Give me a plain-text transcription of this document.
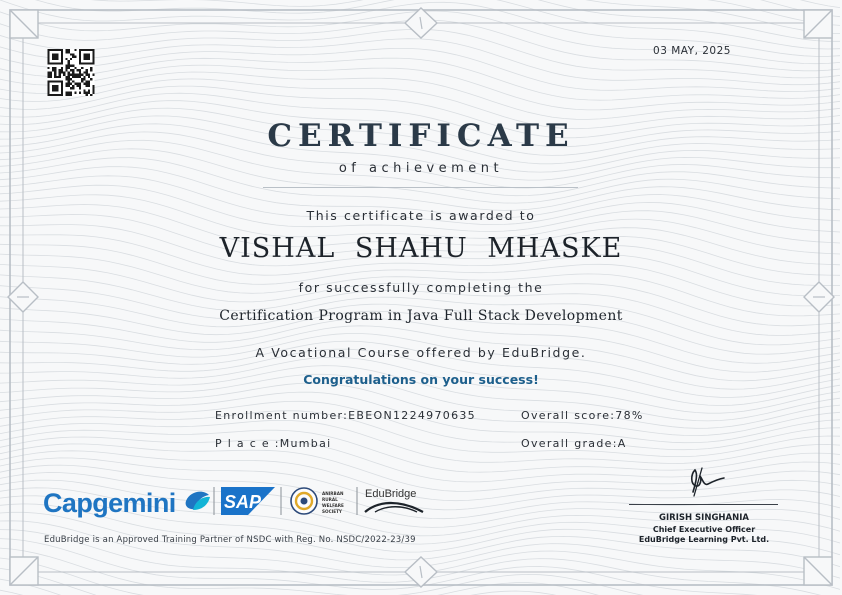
03 MAY, 2025
CERTIFICATE
of achievement
This certificate is awarded to
VISHAL SHAHU MHASKE
for successfully completing the
Certification Program in Java Full Stack Development
A Vocational Course offered by EduBridge.
Congratulations on your success!
Enrollment number:EBEON1224970635
P l a c e :Mumbai
Overall score:78%
Overall grade:A
Capgemini	SAP	ANIRBAN
RURAL
WELFARE
SOCIETY
EduBridge
EduBridge is an Approved Training Partner of NSDC with Reg. No. NSDC/2022-23/39
GIRISH SINGHANIA
Chief Executive Officer
EduBridge Learning Pvt. Ltd.
